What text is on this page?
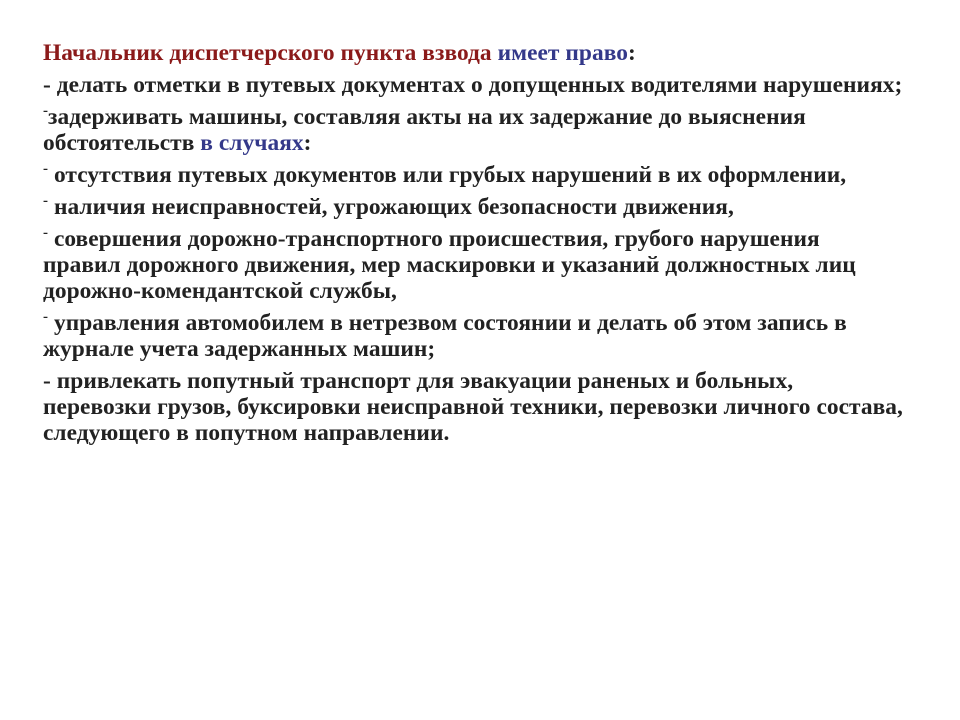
Начальник диспетчерского пункта взвода имеет право:

- делать отметки в путевых документах о допущенных водителями нарушениях;

-задерживать машины, составляя акты на их задержание до выяснения обстоятельств в случаях:

- отсутствия путевых документов или грубых нарушений в их оформлении,

- наличия неисправностей, угрожающих безопасности движения,

- совершения дорожно-транспортного происшествия, грубого нарушения правил дорожного движения, мер маскировки и указаний должностных лиц дорожно-комендантской службы,

- управления автомобилем в нетрезвом состоянии и делать об этом запись в журнале учета задержанных машин;

- привлекать попутный транспорт для эвакуации раненых и больных, перевозки грузов, буксировки неисправной техники, перевозки личного состава, следующего в попутном направлении.
